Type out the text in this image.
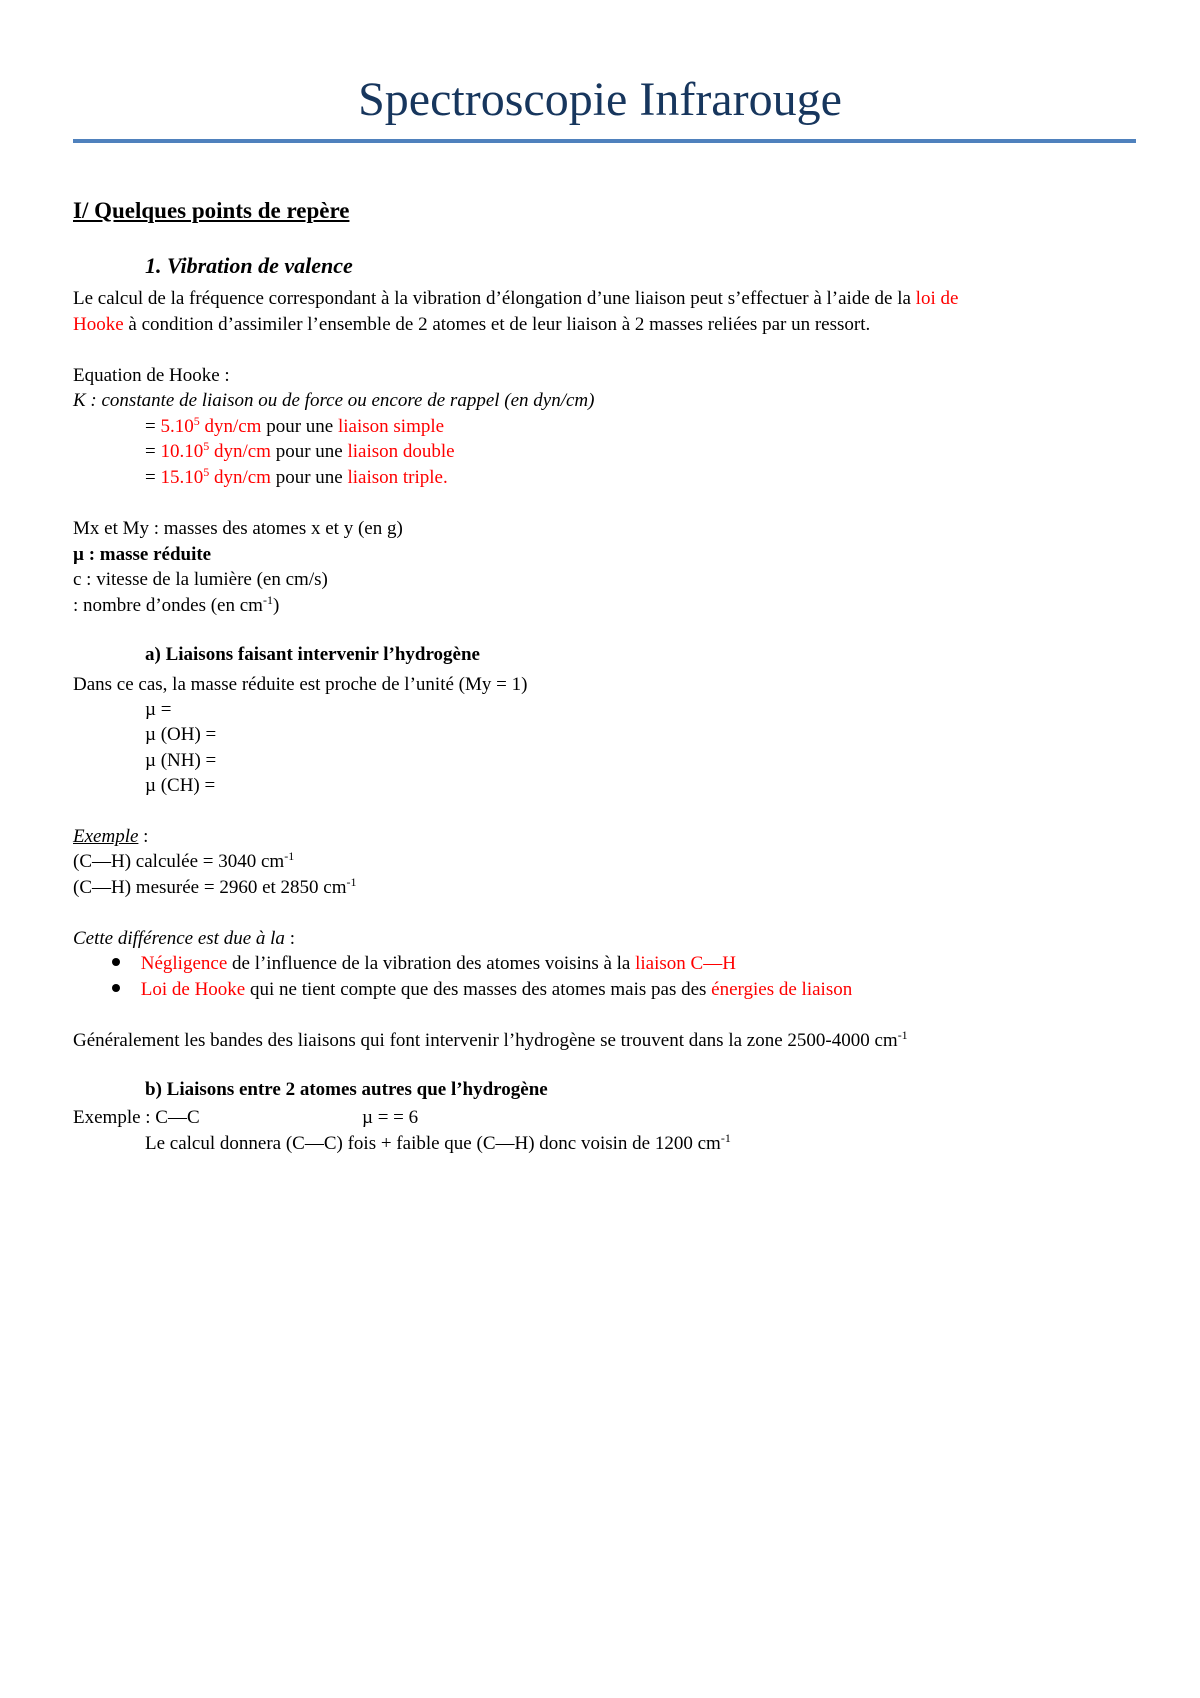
Spectroscopie Infrarouge
I/ Quelques points de repère
1. Vibration de valence
Le calcul de la fréquence correspondant à la vibration d’élongation d’une liaison peut s’effectuer à l’aide de la loi de
Hooke à condition d’assimiler l’ensemble de 2 atomes et de leur liaison à 2 masses reliées par un ressort.
Equation de Hooke :
K : constante de liaison ou de force ou encore de rappel (en dyn/cm)
= $5.10^5$ dyn/cm pour une liaison simple
= $10.10^5$ dyn/cm pour une liaison double
= $15.10^5$ dyn/cm pour une liaison triple.
Mx et My : masses des atomes x et y (en g)
µ : masse réduite
c : vitesse de la lumière (en cm/s)
: nombre d’ondes (en $cm^{-1}$)
a) Liaisons faisant intervenir l’hydrogène
Dans ce cas, la masse réduite est proche de l’unité (My = 1)
µ =
µ (OH) =
µ (NH) =
µ (CH) =
Exemple :
(C—H) calculée = 3040 $cm^{-1}$
(C—H) mesurée = 2960 et 2850 $cm^{-1}$
Cette différence est due à la :
Négligence de l’influence de la vibration des atomes voisins à la liaison C—H
Loi de Hooke qui ne tient compte que des masses des atomes mais pas des énergies de liaison
Généralement les bandes des liaisons qui font intervenir l’hydrogène se trouvent dans la zone 2500-4000 $cm^{-1}$
b) Liaisons entre 2 atomes autres que l’hydrogène
Exemple : C—C	µ = = 6
Le calcul donnera (C—C) fois + faible que (C—H) donc voisin de 1200 $cm^{-1}$
